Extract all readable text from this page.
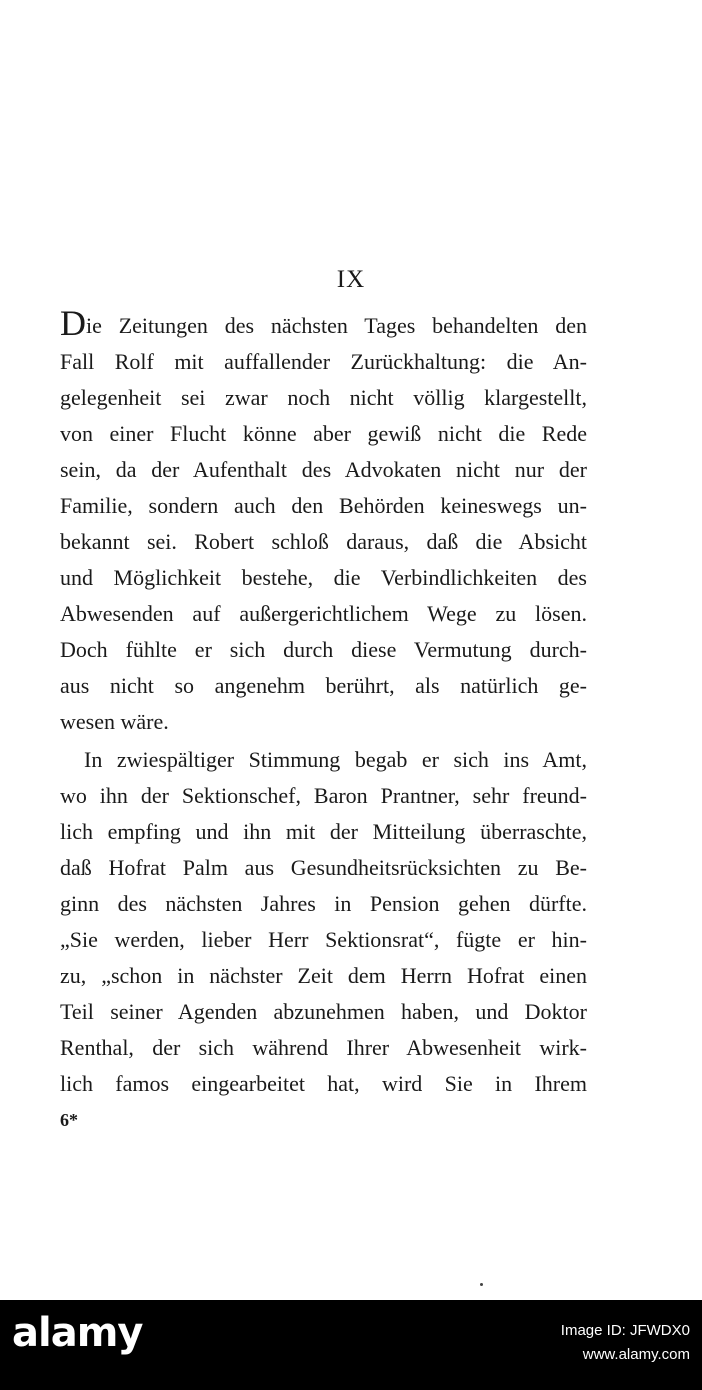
IX
Die Zeitungen des nächsten Tages behandelten den
Fall Rolf mit auffallender Zurückhaltung: die An-
gelegenheit sei zwar noch nicht völlig klargestellt,
von einer Flucht könne aber gewiß nicht die Rede
sein, da der Aufenthalt des Advokaten nicht nur der
Familie, sondern auch den Behörden keineswegs un-
bekannt sei. Robert schloß daraus, daß die Absicht
und Möglichkeit bestehe, die Verbindlichkeiten des
Abwesenden auf außergerichtlichem Wege zu lösen.
Doch fühlte er sich durch diese Vermutung durch-
aus nicht so angenehm berührt, als natürlich ge-
wesen wäre.
In zwiespältiger Stimmung begab er sich ins Amt,
wo ihn der Sektionschef, Baron Prantner, sehr freund-
lich empfing und ihn mit der Mitteilung überraschte,
daß Hofrat Palm aus Gesundheitsrücksichten zu Be-
ginn des nächsten Jahres in Pension gehen dürfte.
„Sie werden, lieber Herr Sektionsrat“, fügte er hin-
zu, „schon in nächster Zeit dem Herrn Hofrat einen
Teil seiner Agenden abzunehmen haben, und Doktor
Renthal, der sich während Ihrer Abwesenheit wirk-
lich famos eingearbeitet hat, wird Sie in Ihrem
6*
alamy	Image ID: JFWDX0
www.alamy.com
